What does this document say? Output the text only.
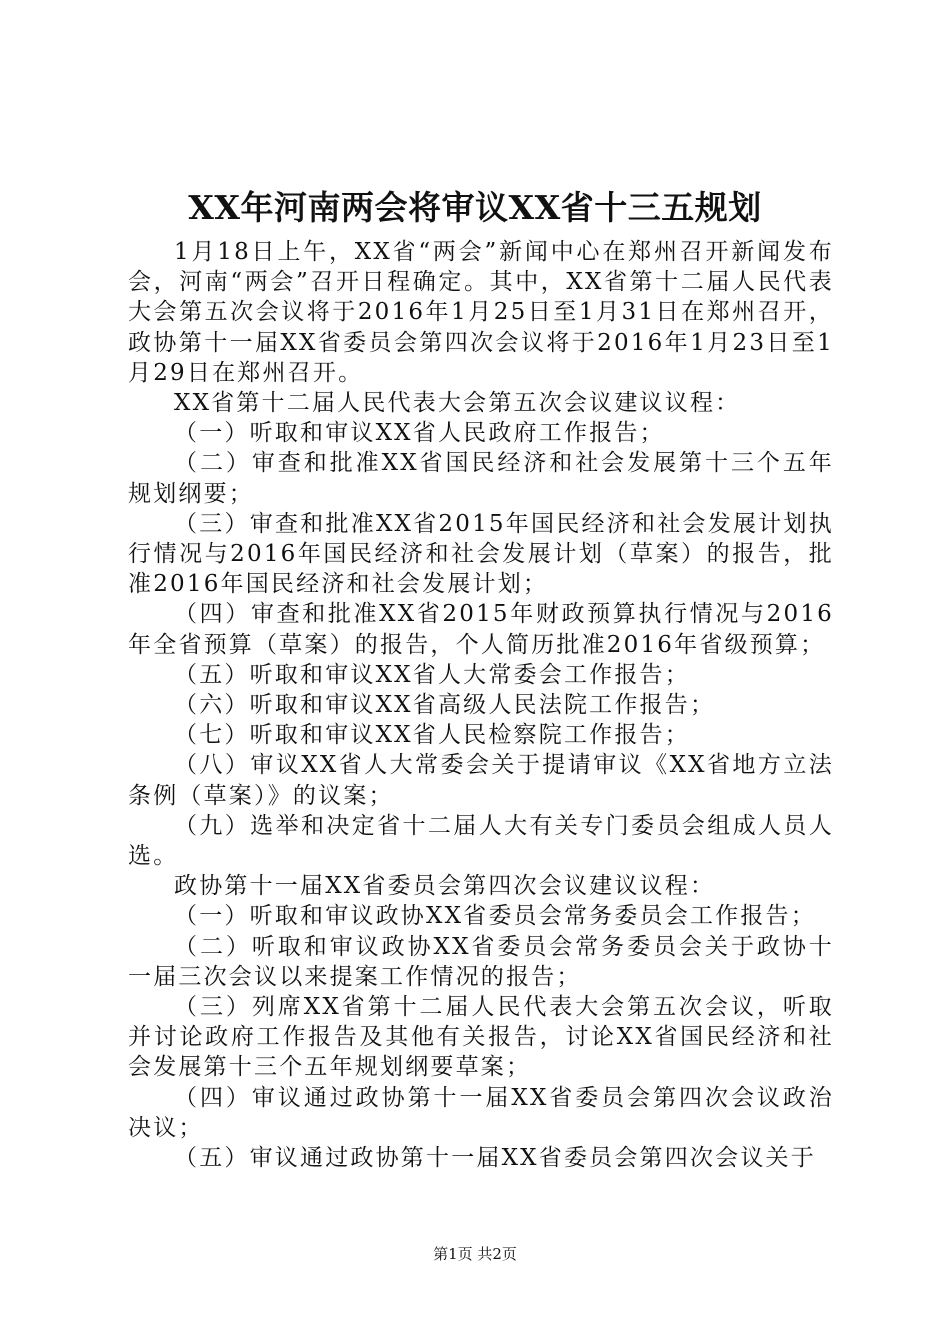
XX年河南两会将审议XX省十三五规划

1月18日上午，XX省“两会”新闻中心在郑州召开新闻发布会，河南“两会”召开日程确定。其中，XX省第十二届人民代表大会第五次会议将于2016年1月25日至1月31日在郑州召开，政协第十一届XX省委员会第四次会议将于2016年1月23日至1月29日在郑州召开。

XX省第十二届人民代表大会第五次会议建议议程：

（一）听取和审议XX省人民政府工作报告；

（二）审查和批准XX省国民经济和社会发展第十三个五年规划纲要；

（三）审查和批准XX省2015年国民经济和社会发展计划执行情况与2016年国民经济和社会发展计划（草案）的报告，批准2016年国民经济和社会发展计划；

（四）审查和批准XX省2015年财政预算执行情况与2016年全省预算（草案）的报告，个人简历批准2016年省级预算；

（五）听取和审议XX省人大常委会工作报告；

（六）听取和审议XX省高级人民法院工作报告；

（七）听取和审议XX省人民检察院工作报告；

（八）审议XX省人大常委会关于提请审议《XX省地方立法条例（草案）》的议案；

（九）选举和决定省十二届人大有关专门委员会组成人员人选。

政协第十一届XX省委员会第四次会议建议议程：

（一）听取和审议政协XX省委员会常务委员会工作报告；

（二）听取和审议政协XX省委员会常务委员会关于政协十一届三次会议以来提案工作情况的报告；

（三）列席XX省第十二届人民代表大会第五次会议，听取并讨论政府工作报告及其他有关报告，讨论XX省国民经济和社会发展第十三个五年规划纲要草案；

（四）审议通过政协第十一届XX省委员会第四次会议政治决议；

（五）审议通过政协第十一届XX省委员会第四次会议关于

第1页 共2页
